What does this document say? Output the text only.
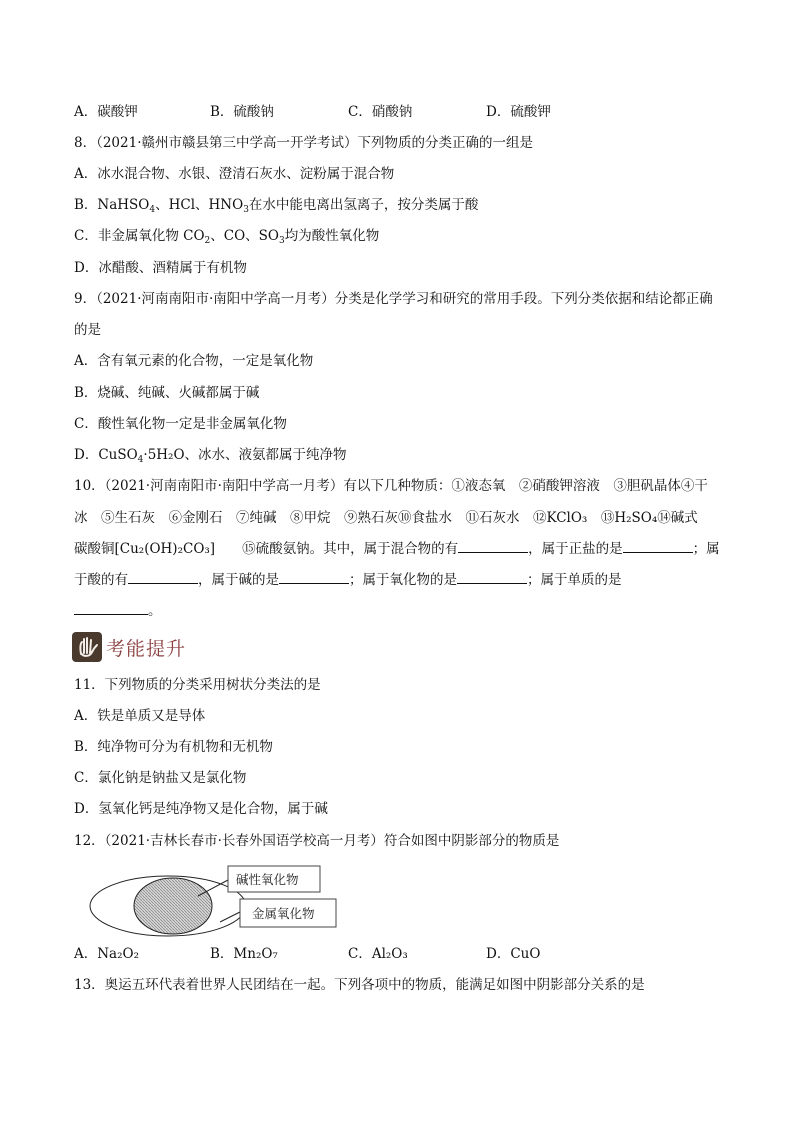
A．碳酸钾	B．硫酸钠	C．硝酸钠	D．硫酸钾
8．（2021·赣州市赣县第三中学高一开学考试）下列物质的分类正确的一组是
A．冰水混合物、水银、澄清石灰水、淀粉属于混合物
B．NaHSO$_4$、HCl、$HNO_3$在水中能电离出氢离子，按分类属于酸
C．非金属氧化物 $CO_2$、CO、$SO_3$均为酸性氧化物
D．冰醋酸、酒精属于有机物
9．（2021·河南南阳市·南阳中学高一月考）分类是化学学习和研究的常用手段。下列分类依据和结论都正确
的是
A．含有氧元素的化合物，一定是氧化物
B．烧碱、纯碱、火碱都属于碱
C．酸性氧化物一定是非金属氧化物
D．CuSO$_4$·5H₂O、冰水、液氨都属于纯净物
10．（2021·河南南阳市·南阳中学高一月考）有以下几种物质：①液态氧　②硝酸钾溶液　③胆矾晶体④干
冰　⑤生石灰　⑥金刚石　⑦纯碱　⑧甲烷　⑨熟石灰⑩食盐水　⑪石灰水　⑫KClO₃　⑬H₂SO₄⑭碱式
碳酸铜[Cu₂(OH)₂CO₃]　　⑮硫酸氨钠。其中，属于混合物的有	，属于正盐的是	；属
于酸的有	，属于碱的是	；属于氧化物的是	；属于单质的是
。
考能提升
11．下列物质的分类采用树状分类法的是
A．铁是单质又是导体
B．纯净物可分为有机物和无机物
C．氯化钠是钠盐又是氯化物
D．氢氧化钙是纯净物又是化合物，属于碱
12．（2021·吉林长春市·长春外国语学校高一月考）符合如图中阴影部分的物质是
碱性氧化物
金属氧化物
A．Na₂O₂	B．Mn₂O₇	C．Al₂O₃	D．CuO
13．奥运五环代表着世界人民团结在一起。下列各项中的物质，能满足如图中阴影部分关系的是
